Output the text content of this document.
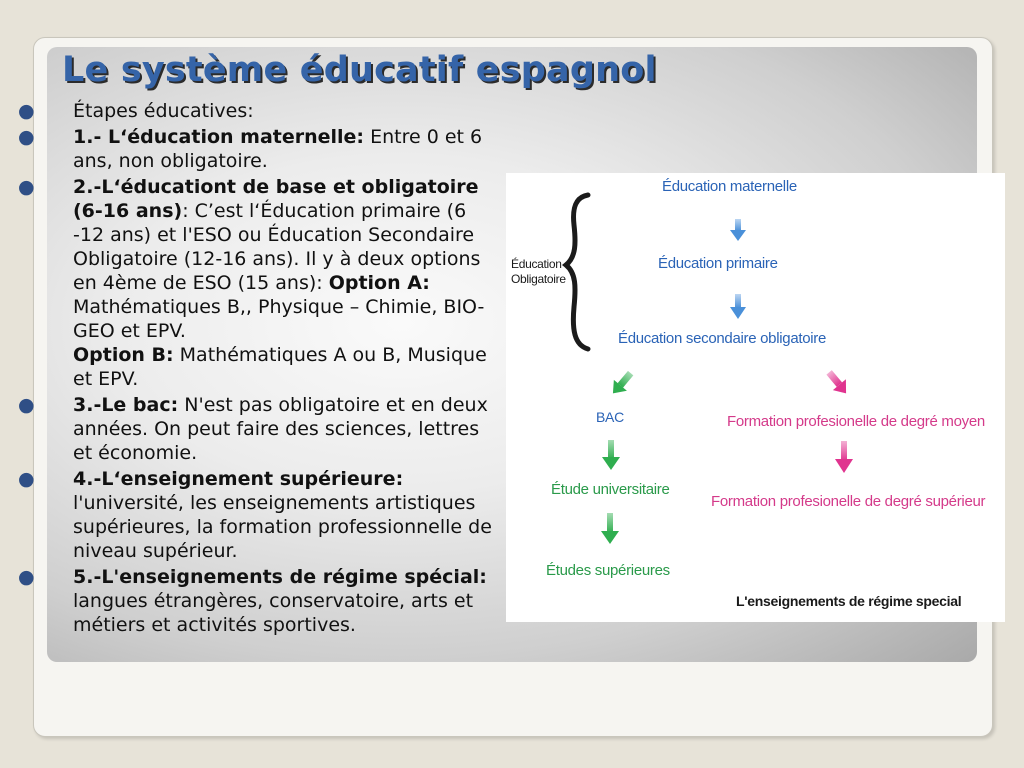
Le système éducatif espagnol
● Étapes éducatives:
● 1.- L‘éducation maternelle: Entre 0 et 6 ans, non obligatoire.
● 2.-L‘éducationt de base et obligatoire (6-16 ans): C’est l‘Éducation primaire (6 -12 ans) et l'ESO ou Éducation Secondaire Obligatoire (12-16 ans). Il y à deux options en 4ème de ESO (15 ans): Option A: Mathématiques B,, Physique – Chimie, BIO-GEO et EPV.
Option B: Mathématiques A ou B, Musique et EPV.
● 3.-Le bac: N'est pas obligatoire et en deux années. On peut faire des sciences, lettres et économie.
● 4.-L‘enseignement supérieure: l'université, les enseignements artistiques supérieures, la formation professionnelle de niveau supérieur.
● 5.-L'enseignements de régime spécial: langues étrangères, conservatoire, arts et métiers et activités sportives.
Éducation
Obligatoire
Éducation maternelle
Éducation primaire
Éducation secondaire obligatoire
BAC
Étude universitaire
Études supérieures
Formation profesionelle de degré moyen
Formation profesionelle de degré supérieur
L'enseignements de régime special
